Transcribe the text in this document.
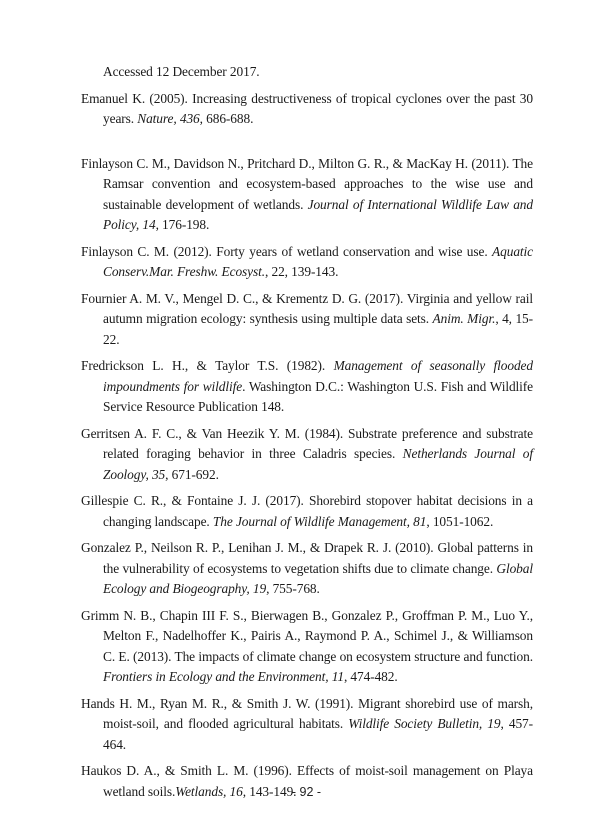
Accessed 12 December 2017.

Emanuel K. (2005). Increasing destructiveness of tropical cyclones over the past 30 years. Nature, 436, 686-688.

Finlayson C. M., Davidson N., Pritchard D., Milton G. R., & MacKay H. (2011). The Ramsar convention and ecosystem-based approaches to the wise use and sustainable development of wetlands. Journal of International Wildlife Law and Policy, 14, 176-198.

Finlayson C. M. (2012). Forty years of wetland conservation and wise use. Aquatic Conserv.Mar. Freshw. Ecosyst., 22, 139-143.

Fournier A. M. V., Mengel D. C., & Krementz D. G. (2017). Virginia and yellow rail autumn migration ecology: synthesis using multiple data sets. Anim. Migr., 4, 15-22.

Fredrickson L. H., & Taylor T.S. (1982). Management of seasonally flooded impoundments for wildlife. Washington D.C.: Washington U.S. Fish and Wildlife Service Resource Publication 148.

Gerritsen A. F. C., & Van Heezik Y. M. (1984). Substrate preference and substrate related foraging behavior in three Caladris species. Netherlands Journal of Zoology, 35, 671-692.

Gillespie C. R., & Fontaine J. J. (2017). Shorebird stopover habitat decisions in a changing landscape. The Journal of Wildlife Management, 81, 1051-1062.

Gonzalez P., Neilson R. P., Lenihan J. M., & Drapek R. J. (2010). Global patterns in the vulnerability of ecosystems to vegetation shifts due to climate change. Global Ecology and Biogeography, 19, 755-768.

Grimm N. B., Chapin III F. S., Bierwagen B., Gonzalez P., Groffman P. M., Luo Y., Melton F., Nadelhoffer K., Pairis A., Raymond P. A., Schimel J., & Williamson C. E. (2013). The impacts of climate change on ecosystem structure and function. Frontiers in Ecology and the Environment, 11, 474-482.

Hands H. M., Ryan M. R., & Smith J. W. (1991). Migrant shorebird use of marsh, moist-soil, and flooded agricultural habitats. Wildlife Society Bulletin, 19, 457-464.

Haukos D. A., & Smith L. M. (1996). Effects of moist-soil management on Playa wetland soils.Wetlands, 16, 143-149.

- 92 -
